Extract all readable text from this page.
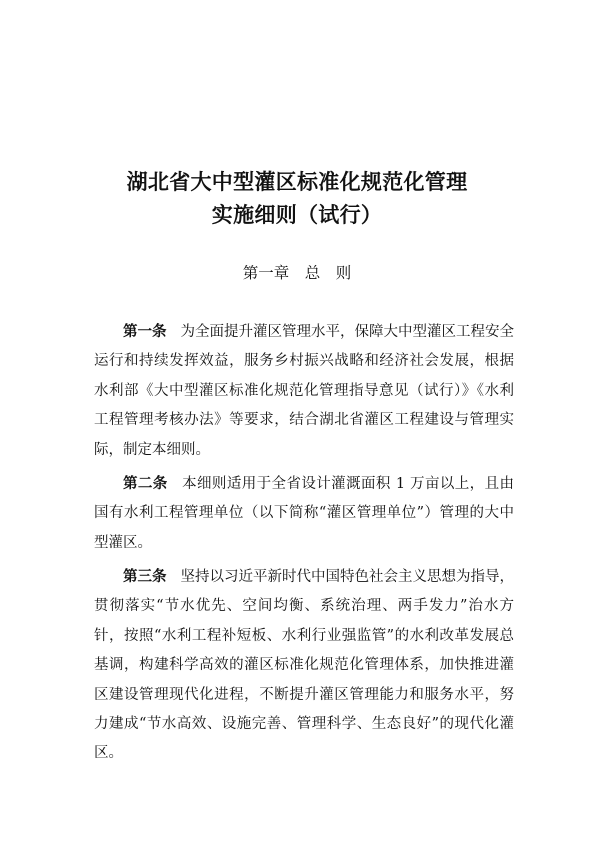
湖北省大中型灌区标准化规范化管理
实施细则（试行）
第一章　总　则

第一条 为全面提升灌区管理水平，保障大中型灌区工程安全运行和持续发挥效益，服务乡村振兴战略和经济社会发展，根据水利部《大中型灌区标准化规范化管理指导意见（试行）》《水利工程管理考核办法》等要求，结合湖北省灌区工程建设与管理实际，制定本细则。

第二条 本细则适用于全省设计灌溉面积 1 万亩以上，且由国有水利工程管理单位（以下简称“灌区管理单位”）管理的大中型灌区。

第三条 坚持以习近平新时代中国特色社会主义思想为指导，贯彻落实“节水优先、空间均衡、系统治理、两手发力”治水方针，按照“水利工程补短板、水利行业强监管”的水利改革发展总基调，构建科学高效的灌区标准化规范化管理体系，加快推进灌区建设管理现代化进程，不断提升灌区管理能力和服务水平，努力建成“节水高效、设施完善、管理科学、生态良好”的现代化灌区。
